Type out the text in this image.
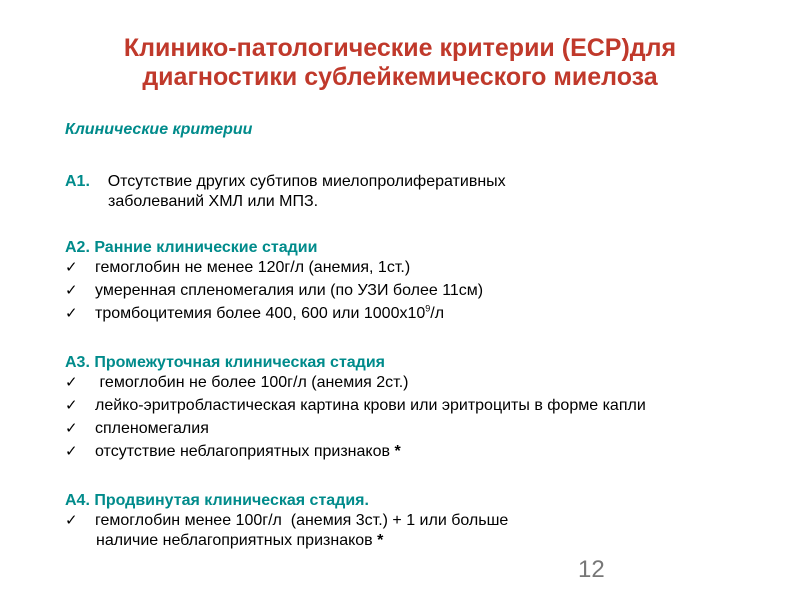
Клинико-патологические критерии (ЕСР)для
диагностики сублейкемического миелоза
Клинические критерии
А1. Отсутствие других субтипов миелопролиферативных
заболеваний ХМЛ или МПЗ.
А2. Ранние клинические стадии
✓	гемоглобин не менее 120г/л (анемия, 1ст.)
✓	умеренная спленомегалия или (по УЗИ более 11см)
✓	тромбоцитемия более 400, 600 или $1000x10^9/л$
А3. Промежуточная клиническая стадия
✓	гемоглобин не более 100г/л (анемия 2ст.)
✓	лейко-эритробластическая картина крови или эритроциты в форме капли
✓	спленомегалия
✓	отсутствие неблагоприятных признаков *
А4. Продвинутая клиническая стадия.
✓	гемоглобин менее 100г/л  (анемия 3ст.) + 1 или больше
наличие неблагоприятных признаков *
12
